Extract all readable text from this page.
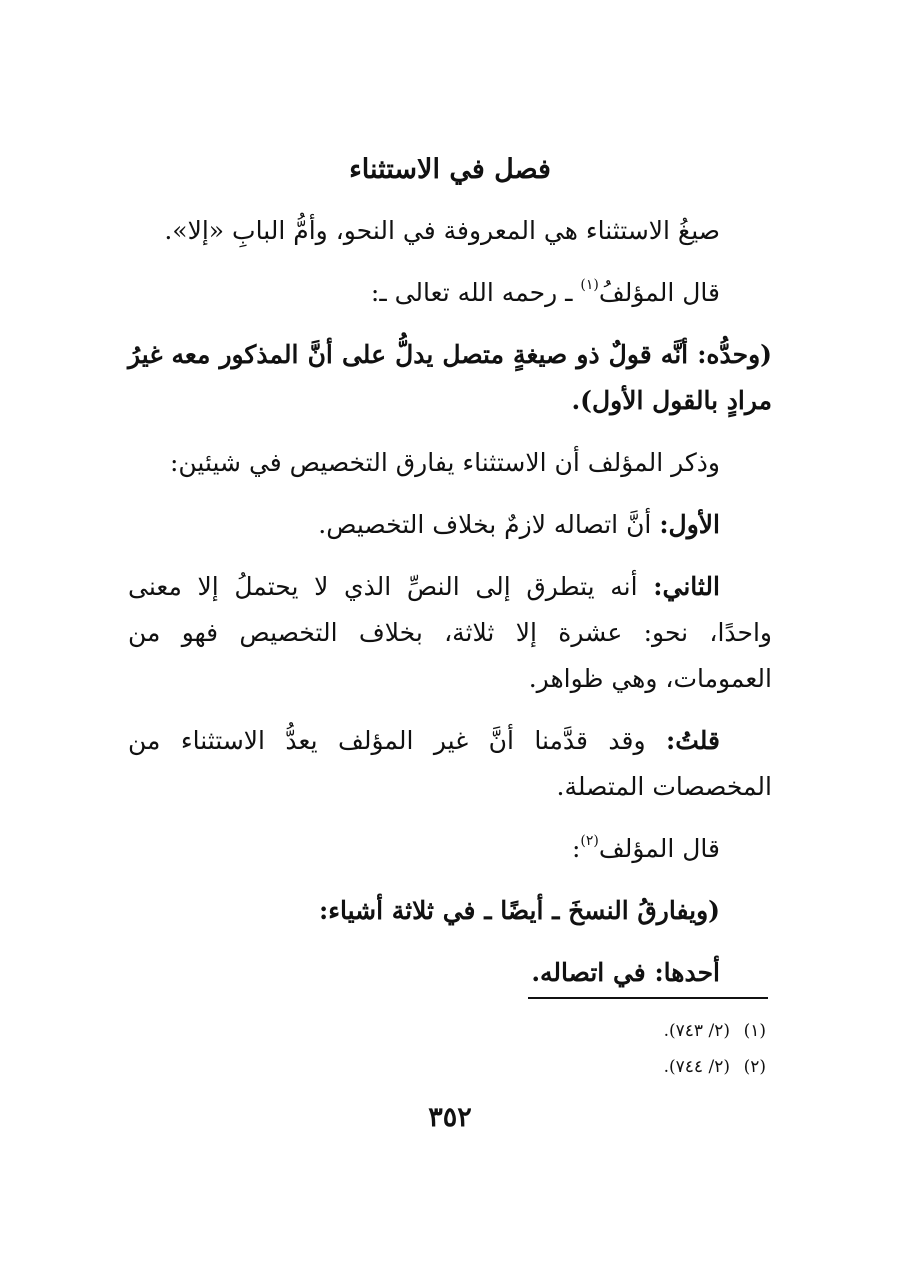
فصل في الاستثناء

صيغُ الاستثناء هي المعروفة في النحو، وأمُّ البابِ «إلا».

قال المؤلفُ$^{(١)}$ ـ رحمه الله تعالى ـ:

(وحدُّه: أنَّه قولٌ ذو صيغةٍ متصل يدلُّ على أنَّ المذكور معه غيرُ مرادٍ بالقول الأول).

وذكر المؤلف أن الاستثناء يفارق التخصيص في شيئين:

الأول: أنَّ اتصاله لازمٌ بخلاف التخصيص.

الثاني: أنه يتطرق إلى النصِّ الذي لا يحتملُ إلا معنى واحدًا، نحو: عشرة إلا ثلاثة، بخلاف التخصيص فهو من العمومات، وهي ظواهر.

قلتُ: وقد قدَّمنا أنَّ غير المؤلف يعدُّ الاستثناء من المخصصات المتصلة.

قال المؤلف$^{(٢)}$:

(ويفارقُ النسخَ ـ أيضًا ـ في ثلاثة أشياء:

أحدها: في اتصاله.

(١)(٢/ ٧٤٣).
(٢)(٢/ ٧٤٤).
٣٥٢
